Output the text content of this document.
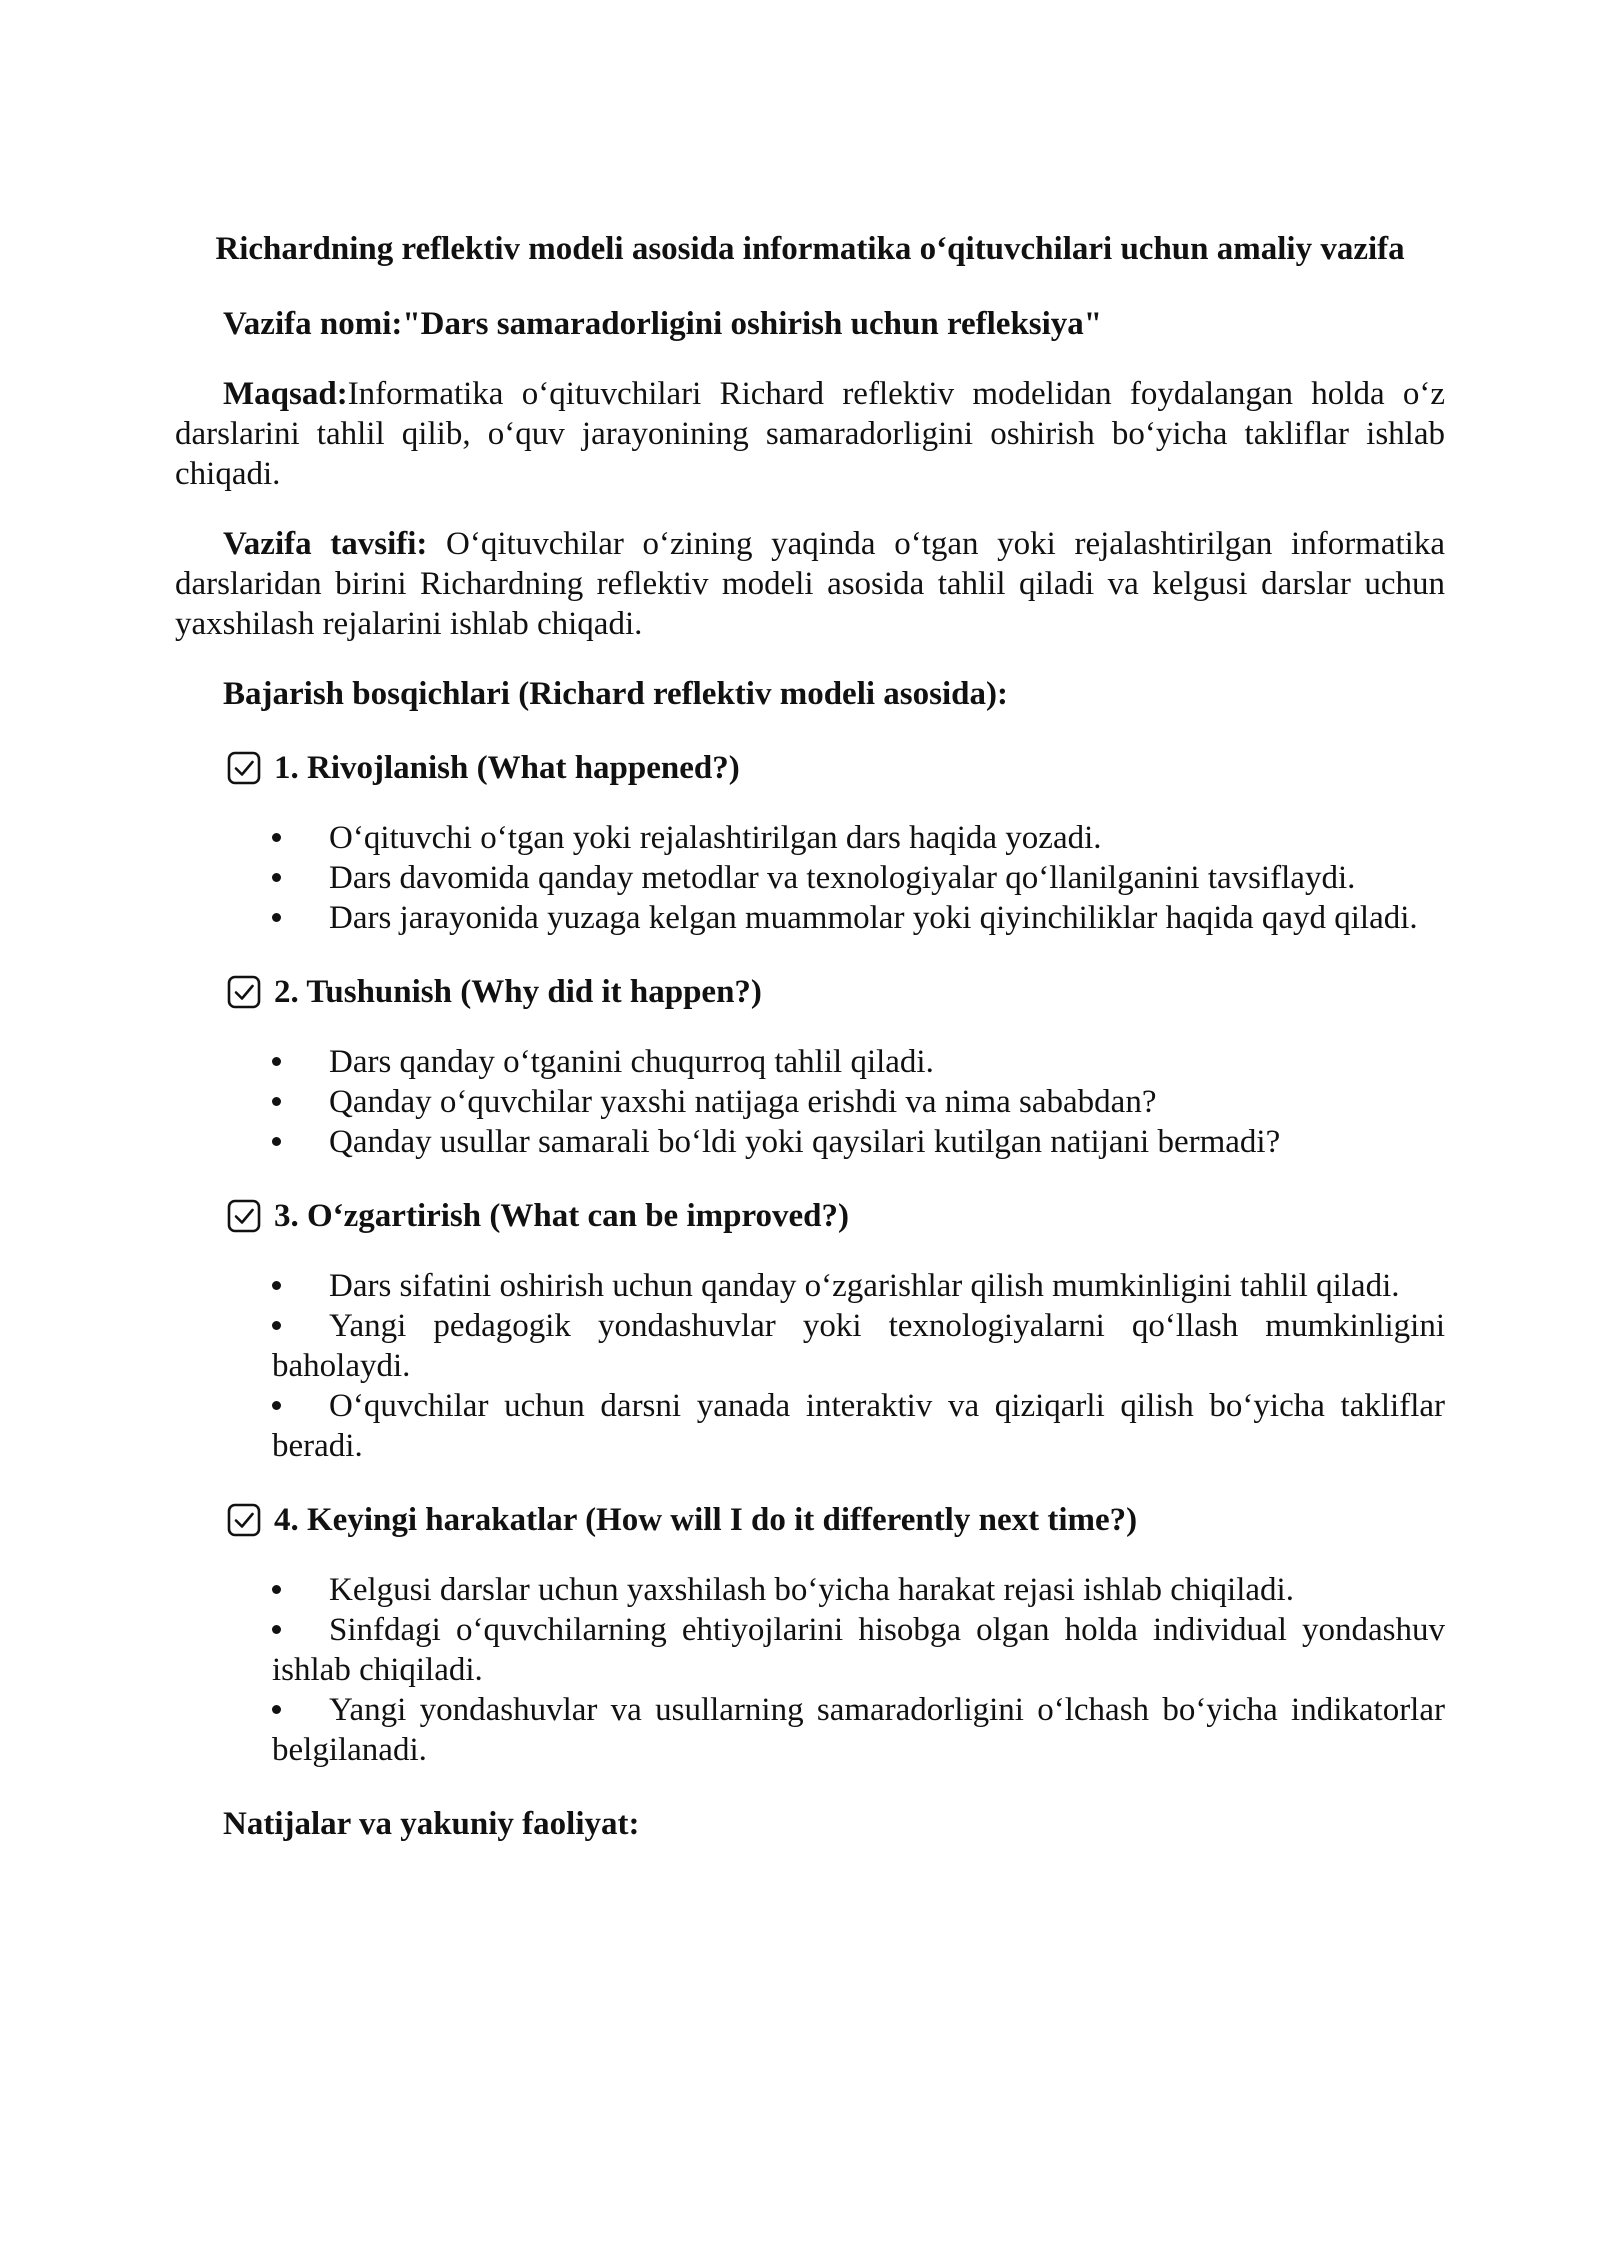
Richardning reflektiv modeli asosida informatika o‘qituvchilari uchun amaliy vazifa
Vazifa nomi:"Dars samaradorligini oshirish uchun refleksiya"
Maqsad:Informatika o‘qituvchilari Richard reflektiv modelidan foydalangan holda o‘z darslarini tahlil qilib, o‘quv jarayonining samaradorligini oshirish bo‘yicha takliflar ishlab chiqadi.
Vazifa tavsifi: O‘qituvchilar o‘zining yaqinda o‘tgan yoki rejalashtirilgan informatika darslaridan birini Richardning reflektiv modeli asosida tahlil qiladi va kelgusi darslar uchun yaxshilash rejalarini ishlab chiqadi.
Bajarish bosqichlari (Richard reflektiv modeli asosida):
1. Rivojlanish (What happened?)
O‘qituvchi o‘tgan yoki rejalashtirilgan dars haqida yozadi.
Dars davomida qanday metodlar va texnologiyalar qo‘llanilganini tavsiflaydi.
Dars jarayonida yuzaga kelgan muammolar yoki qiyinchiliklar haqida qayd qiladi.
2. Tushunish (Why did it happen?)
Dars qanday o‘tganini chuqurroq tahlil qiladi.
Qanday o‘quvchilar yaxshi natijaga erishdi va nima sababdan?
Qanday usullar samarali bo‘ldi yoki qaysilari kutilgan natijani bermadi?
3. O‘zgartirish (What can be improved?)
Dars sifatini oshirish uchun qanday o‘zgarishlar qilish mumkinligini tahlil qiladi.
Yangi pedagogik yondashuvlar yoki texnologiyalarni qo‘llash mumkinligini baholaydi.
O‘quvchilar uchun darsni yanada interaktiv va qiziqarli qilish bo‘yicha takliflar beradi.
4. Keyingi harakatlar (How will I do it differently next time?)
Kelgusi darslar uchun yaxshilash bo‘yicha harakat rejasi ishlab chiqiladi.
Sinfdagi o‘quvchilarning ehtiyojlarini hisobga olgan holda individual yondashuv ishlab chiqiladi.
Yangi yondashuvlar va usullarning samaradorligini o‘lchash bo‘yicha indikatorlar belgilanadi.
Natijalar va yakuniy faoliyat:
